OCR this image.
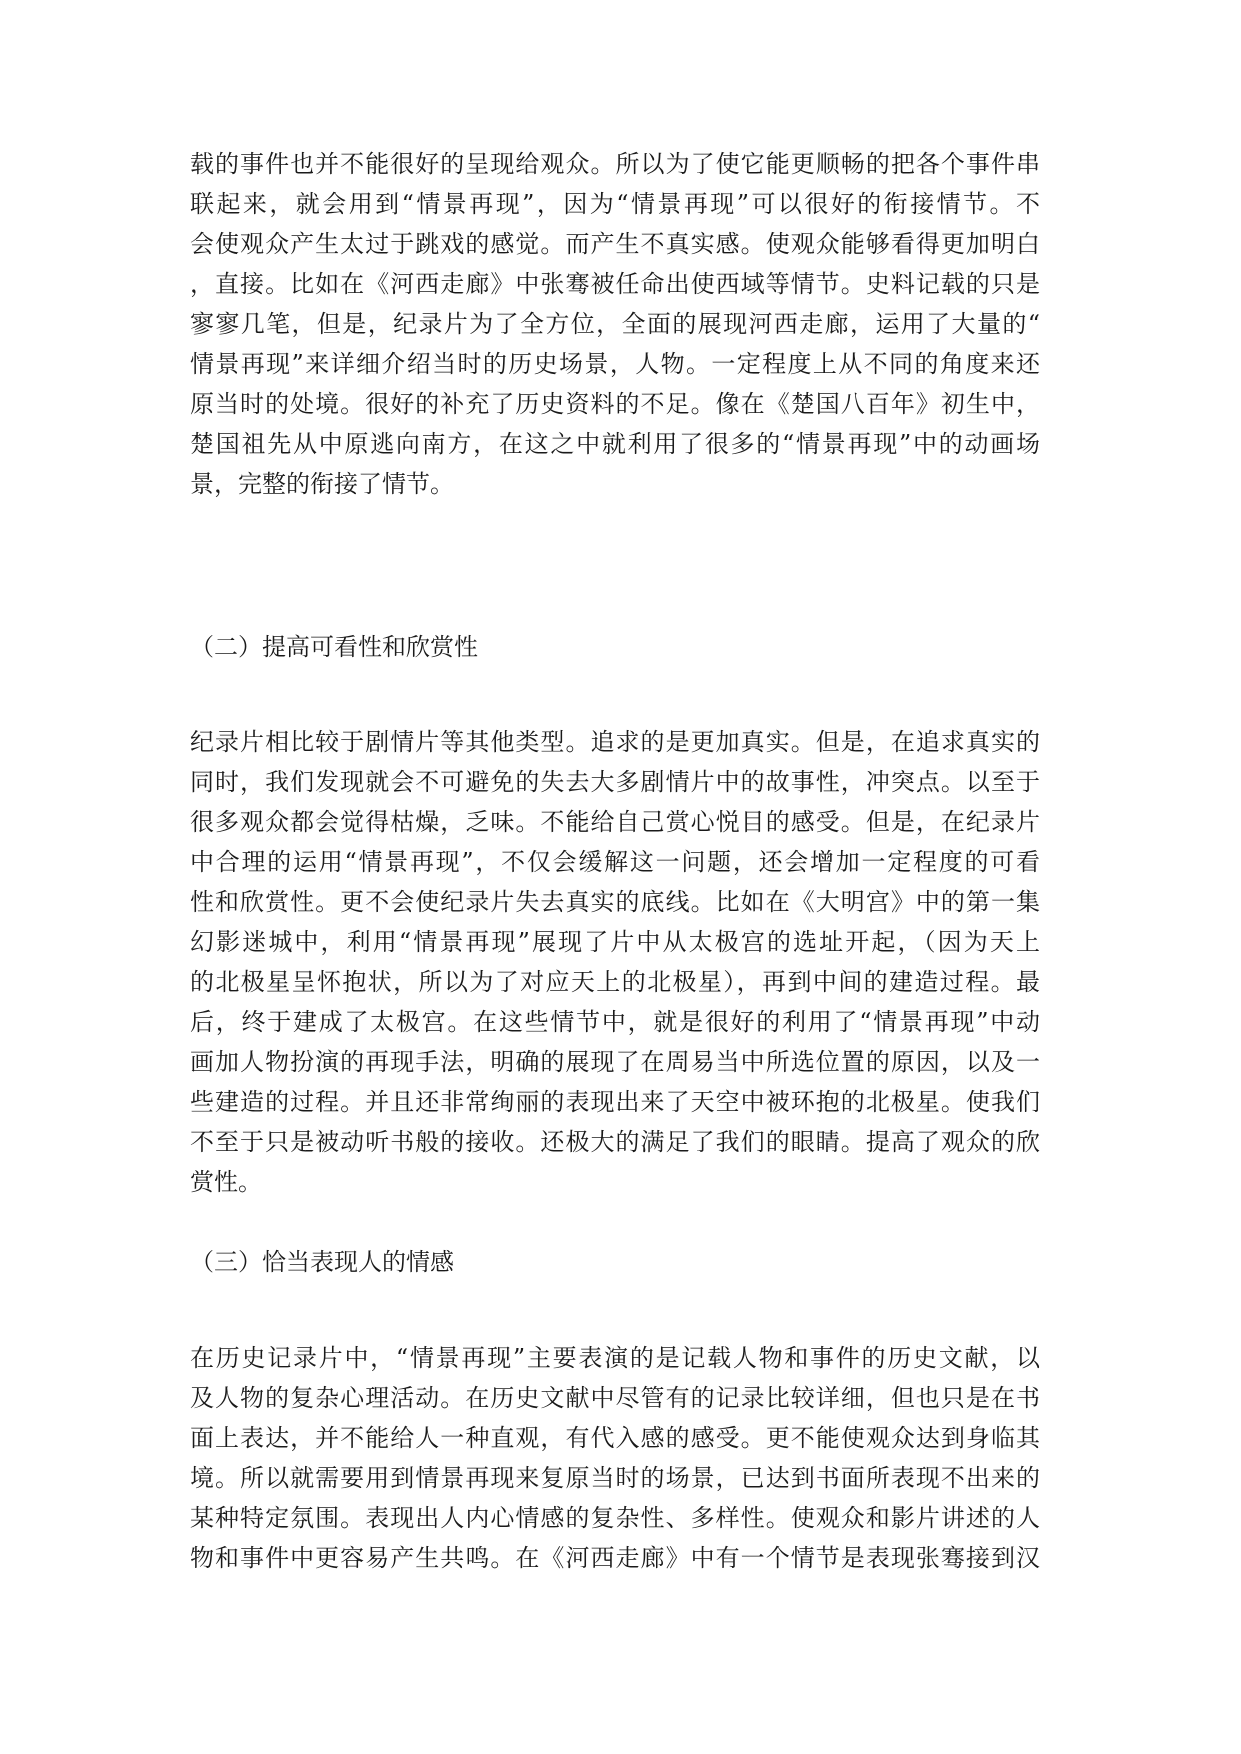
载的事件也并不能很好的呈现给观众。所以为了使它能更顺畅的把各个事件串
联起来，就会用到“情景再现”，因为“情景再现”可以很好的衔接情节。不
会使观众产生太过于跳戏的感觉。而产生不真实感。使观众能够看得更加明白
，直接。比如在《河西走廊》中张骞被任命出使西域等情节。史料记载的只是
寥寥几笔，但是，纪录片为了全方位，全面的展现河西走廊，运用了大量的“
情景再现”来详细介绍当时的历史场景，人物。一定程度上从不同的角度来还
原当时的处境。很好的补充了历史资料的不足。像在《楚国八百年》初生中，
楚国祖先从中原逃向南方，在这之中就利用了很多的“情景再现”中的动画场
景，完整的衔接了情节。
（二）提高可看性和欣赏性
纪录片相比较于剧情片等其他类型。追求的是更加真实。但是，在追求真实的
同时，我们发现就会不可避免的失去大多剧情片中的故事性，冲突点。以至于
很多观众都会觉得枯燥，乏味。不能给自己赏心悦目的感受。但是，在纪录片
中合理的运用“情景再现”，不仅会缓解这一问题，还会增加一定程度的可看
性和欣赏性。更不会使纪录片失去真实的底线。比如在《大明宫》中的第一集
幻影迷城中，利用“情景再现”展现了片中从太极宫的选址开起，（因为天上
的北极星呈怀抱状，所以为了对应天上的北极星），再到中间的建造过程。最
后，终于建成了太极宫。在这些情节中，就是很好的利用了“情景再现”中动
画加人物扮演的再现手法，明确的展现了在周易当中所选位置的原因，以及一
些建造的过程。并且还非常绚丽的表现出来了天空中被环抱的北极星。使我们
不至于只是被动听书般的接收。还极大的满足了我们的眼睛。提高了观众的欣
赏性。
（三）恰当表现人的情感
在历史记录片中，“情景再现”主要表演的是记载人物和事件的历史文献，以
及人物的复杂心理活动。在历史文献中尽管有的记录比较详细，但也只是在书
面上表达，并不能给人一种直观，有代入感的感受。更不能使观众达到身临其
境。所以就需要用到情景再现来复原当时的场景，已达到书面所表现不出来的
某种特定氛围。表现出人内心情感的复杂性、多样性。使观众和影片讲述的人
物和事件中更容易产生共鸣。在《河西走廊》中有一个情节是表现张骞接到汉
